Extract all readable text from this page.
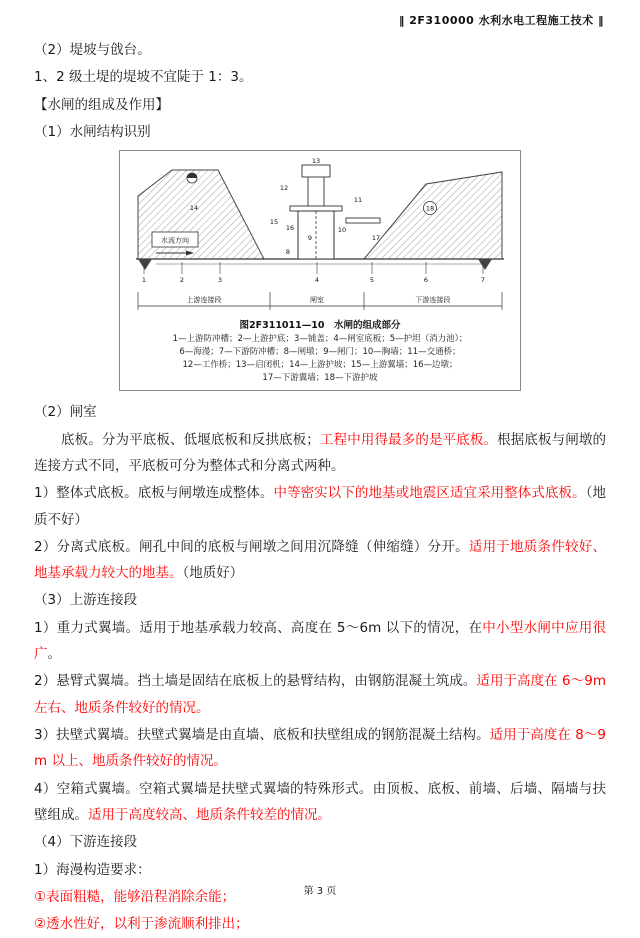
‖ 2F310000 水利水电工程施工技术 ‖
（2）堤坡与戗台。
1、2 级土堤的堤坡不宜陡于 1：3。
【水闸的组成及作用】
（1）水闸结构识别
13
水流方向
12
11
10
9
8
14
15
16
17
18
1	2	3	4	5	6	7
上游连接段	闸室	下游连接段
图2F311011—10　水闸的组成部分
1—上游防冲槽；2—上游护底；3—铺盖；4—闸室底板；5—护坦（消力池）；
6—海漫；7—下游防冲槽；8—闸墩；9—闸门；10—胸墙；11—交通桥；
12—工作桥；13—启闭机；14—上游护坡；15—上游翼墙；16—边墩；
17—下游翼墙；18—下游护坡
（2）闸室
底板。分为平底板、低堰底板和反拱底板；工程中用得最多的是平底板。根据底板与闸墩的连接方式不同，平底板可分为整体式和分离式两种。
1）整体式底板。底板与闸墩连成整体。中等密实以下的地基或地震区适宜采用整体式底板。（地质不好）
2）分离式底板。闸孔中间的底板与闸墩之间用沉降缝（伸缩缝）分开。适用于地质条件较好、地基承载力较大的地基。（地质好）
（3）上游连接段
1）重力式翼墙。适用于地基承载力较高、高度在 5～6m 以下的情况，在中小型水闸中应用很广。
2）悬臂式翼墙。挡土墙是固结在底板上的悬臂结构，由钢筋混凝土筑成。适用于高度在 6～9m 左右、地质条件较好的情况。
3）扶壁式翼墙。扶壁式翼墙是由直墙、底板和扶壁组成的钢筋混凝土结构。适用于高度在 8～9m 以上、地质条件较好的情况。
4）空箱式翼墙。空箱式翼墙是扶壁式翼墙的特殊形式。由顶板、底板、前墙、后墙、隔墙与扶壁组成。适用于高度较高、地质条件较差的情况。
（4）下游连接段
1）海漫构造要求：
①表面粗糙，能够沿程消除余能；
②透水性好，以利于渗流顺利排出；
第 3 页
